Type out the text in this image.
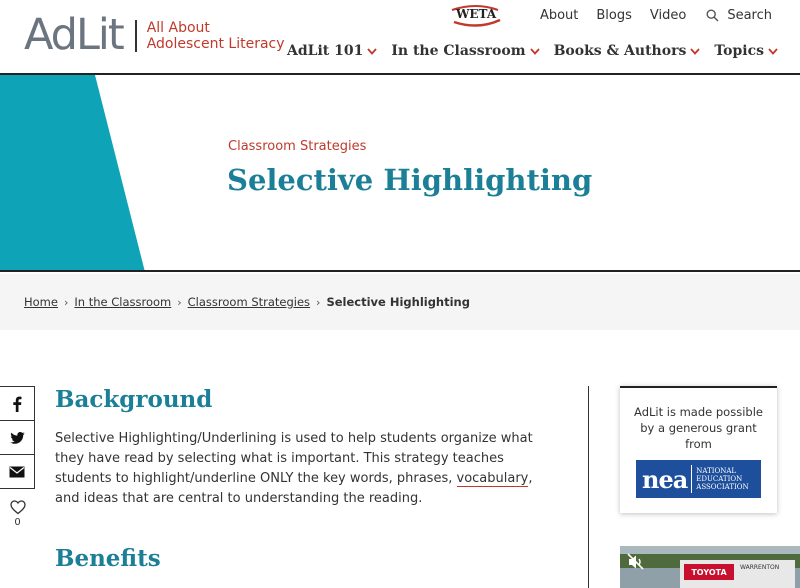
AdLit All About
Adolescent Literacy
WETA	About Blogs Video	Search
AdLit 101 In the Classroom Books & Authors Topics
Classroom Strategies
Selective Highlighting
Home › In the Classroom › Classroom Strategies › Selective Highlighting
0
Background

Selective Highlighting/Underlining is used to help students organize what they have read by selecting what is important. This strategy teaches students to highlight/underline ONLY the key words, phrases, vocabulary, and ideas that are central to understanding the reading.

Benefits
AdLit is made possible by a generous grant from
nea NATIONAL
EDUCATION
ASSOCIATION
TOYOTA	WARRENTON
